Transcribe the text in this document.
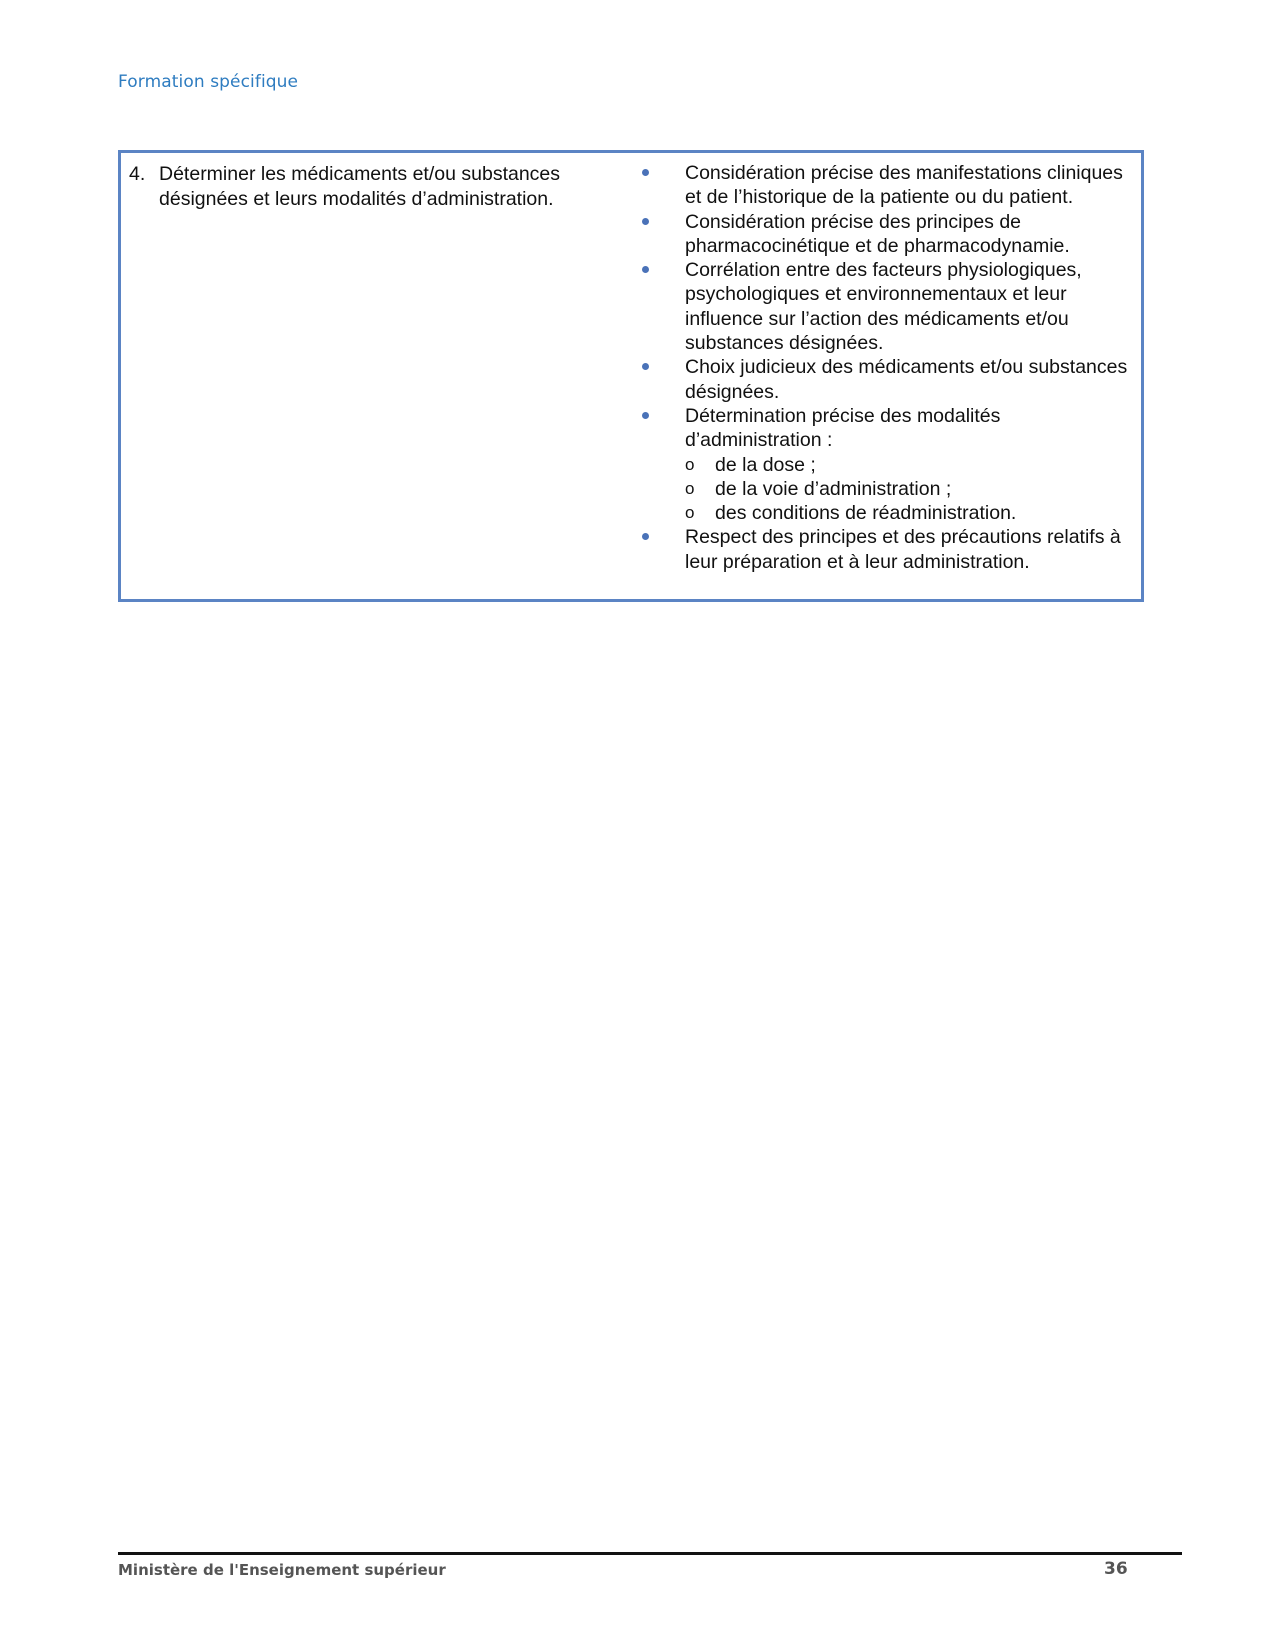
Formation spécifique
4. Déterminer les médicaments et/ou substances désignées et leurs modalités d’administration.
Considération précise des manifestations cliniques et de l’historique de la patiente ou du patient.
Considération précise des principes de pharmacocinétique et de pharmacodynamie.
Corrélation entre des facteurs physiologiques, psychologiques et environnementaux et leur influence sur l’action des médicaments et/ou substances désignées.
Choix judicieux des médicaments et/ou substances désignées.
Détermination précise des modalités d’administration :
o de la dose ;
o de la voie d’administration ;
o des conditions de réadministration.
Respect des principes et des précautions relatifs à leur préparation et à leur administration.
Ministère de l'Enseignement supérieur	36
